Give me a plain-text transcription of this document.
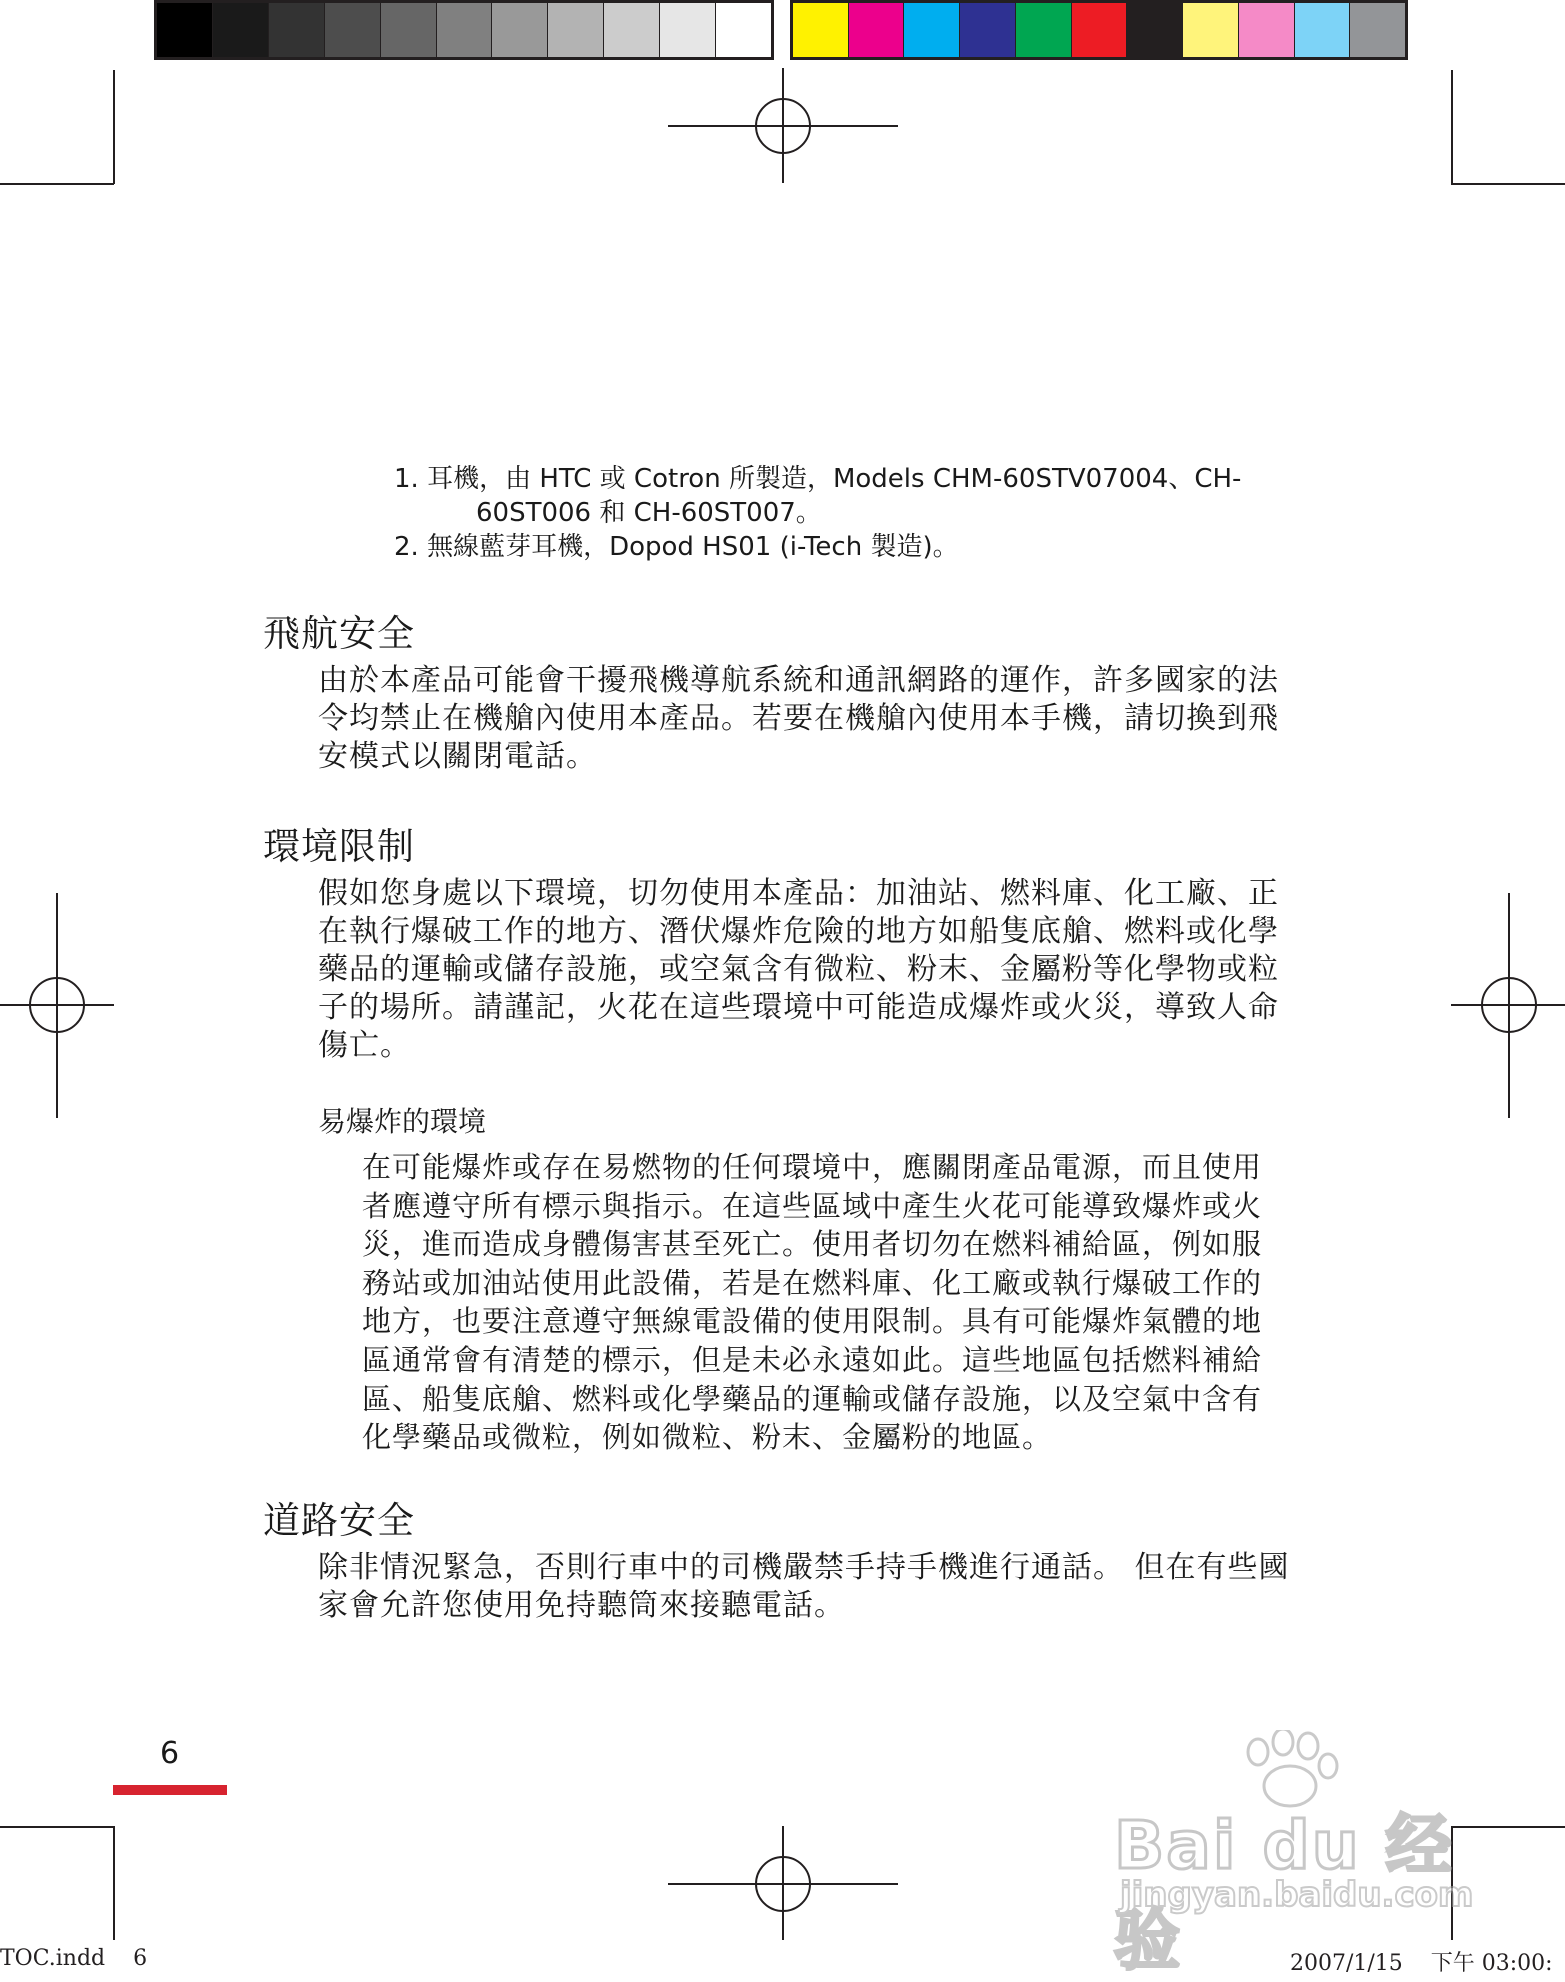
1. 耳機，由 HTC 或 Cotron 所製造，Models CHM-60STV07004、CH-
60ST006 和 CH-60ST007。
2. 無線藍芽耳機，Dopod HS01 (i-Tech 製造)。
飛航安全

由於本產品可能會干擾飛機導航系統和通訊網路的運作，許多國家的法

令均禁止在機艙內使用本產品。若要在機艙內使用本手機，請切換到飛

安模式以關閉電話。

環境限制

假如您身處以下環境，切勿使用本產品：加油站、燃料庫、化工廠、正

在執行爆破工作的地方、潛伏爆炸危險的地方如船隻底艙、燃料或化學

藥品的運輸或儲存設施，或空氣含有微粒、粉末、金屬粉等化學物或粒

子的場所。請謹記，火花在這些環境中可能造成爆炸或火災，導致人命

傷亡。

易爆炸的環境

在可能爆炸或存在易燃物的任何環境中，應關閉產品電源，而且使用

者應遵守所有標示與指示。在這些區域中產生火花可能導致爆炸或火

災，進而造成身體傷害甚至死亡。使用者切勿在燃料補給區，例如服

務站或加油站使用此設備，若是在燃料庫、化工廠或執行爆破工作的

地方，也要注意遵守無線電設備的使用限制。具有可能爆炸氣體的地

區通常會有清楚的標示，但是未必永遠如此。這些地區包括燃料補給

區、船隻底艙、燃料或化學藥品的運輸或儲存設施，以及空氣中含有

化學藥品或微粒，例如微粒、粉末、金屬粉的地區。

道路安全

除非情況緊急，否則行車中的司機嚴禁手持手機進行通話。 但在有些國

家會允許您使用免持聽筒來接聽電話。

6
Bai du 经验
jingyan.baidu.com
TOC.indd    6	2007/1/15    下午 03:00:
